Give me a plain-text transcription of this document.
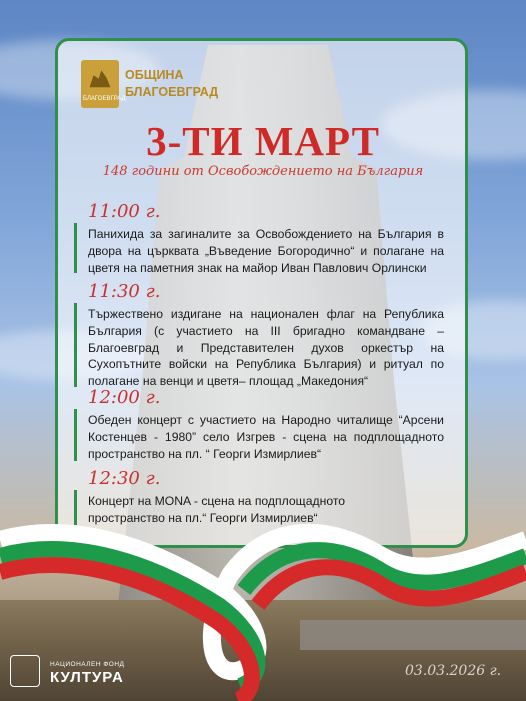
БЛАГОЕВГРАД
ОБЩИНА
БЛАГОЕВГРАД
3-ТИ МАРТ
148 години от Освобождението на България
11:00 г.
Панихида за загиналите за Освобождението на България в двора на църквата „Въведение Богородично“ и полагане на цветя на паметния знак на майор Иван Павлович Орлински
11:30 г.
Тържествено издигане на национален флаг на Република България (с участието на III бригадно командване – Благоевград и Представителен духов оркестър на Сухопътните войски на Република България) и ритуал по полагане на венци и цветя– площад „Македония“
12:00 г.
Обеден концерт с участието на Народно читалище “Арсени Костенцев - 1980” село Изгрев - сцена на подплощадното пространство на пл. “ Георги Измирлиев“
12:30 г.
Концерт на MONA - сцена на подплощадното пространство на пл.“ Георги Измирлиев“
НАЦИОНАЛЕН ФОНД
КУЛТУРА	03.03.2026 г.
